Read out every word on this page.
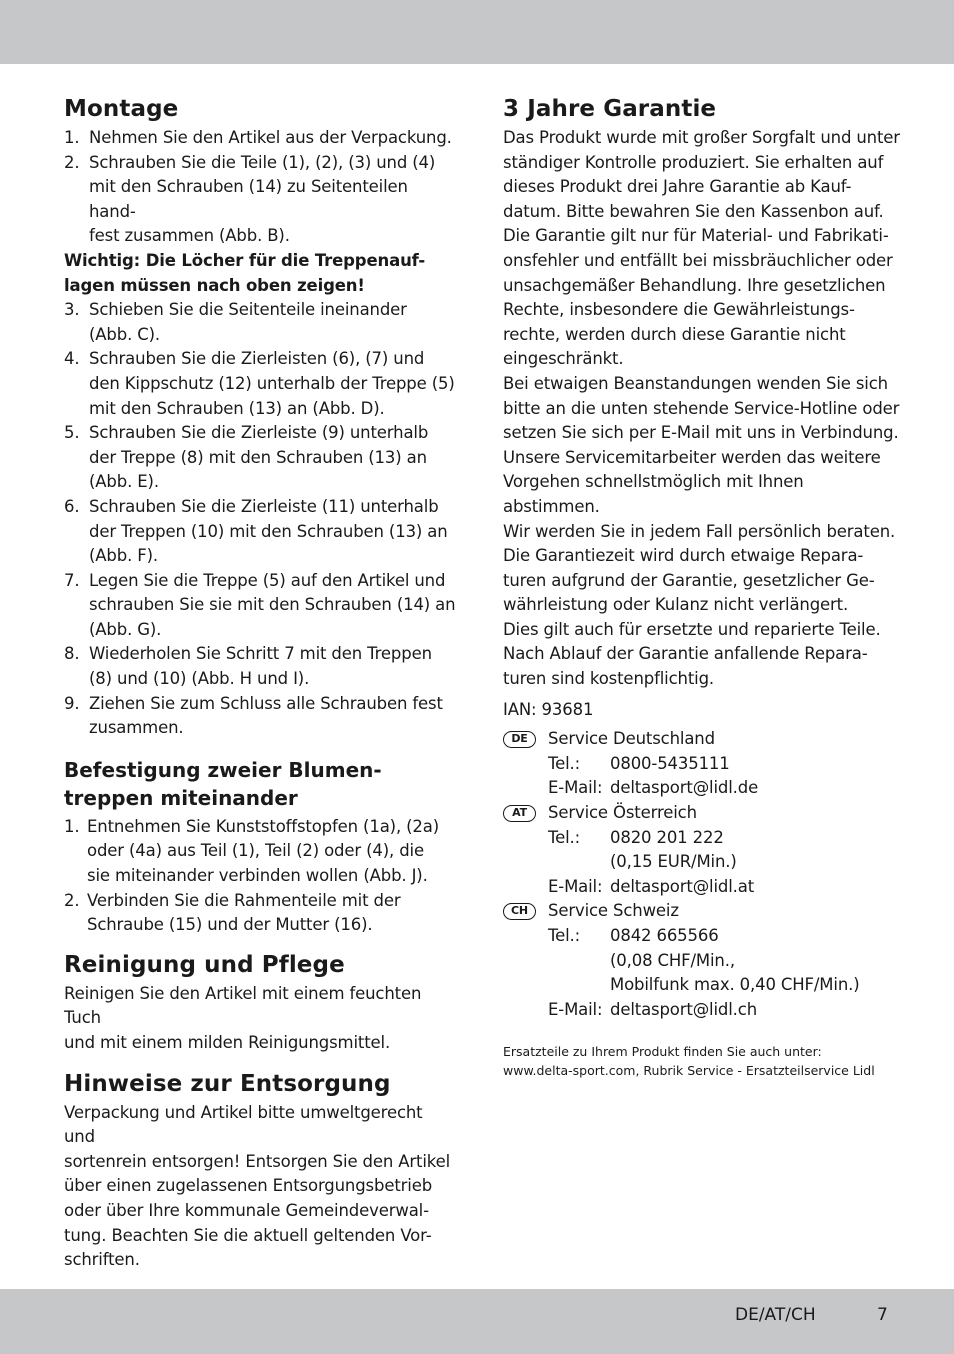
Montage
1. Nehmen Sie den Artikel aus der Verpackung.
2. Schrauben Sie die Teile (1), (2), (3) und (4)
mit den Schrauben (14) zu Seitenteilen hand-
fest zusammen (Abb. B).

Wichtig: Die Löcher für die Treppenauf-
lagen müssen nach oben zeigen!

3. Schieben Sie die Seitenteile ineinander
(Abb. C).
4. Schrauben Sie die Zierleisten (6), (7) und
den Kippschutz (12) unterhalb der Treppe (5)
mit den Schrauben (13) an (Abb. D).
5. Schrauben Sie die Zierleiste (9) unterhalb
der Treppe (8) mit den Schrauben (13) an
(Abb. E).
6. Schrauben Sie die Zierleiste (11) unterhalb
der Treppen (10) mit den Schrauben (13) an
(Abb. F).
7. Legen Sie die Treppe (5) auf den Artikel und
schrauben Sie sie mit den Schrauben (14) an
(Abb. G).
8. Wiederholen Sie Schritt 7 mit den Treppen
(8) und (10) (Abb. H und I).
9. Ziehen Sie zum Schluss alle Schrauben fest
zusammen.
Befestigung zweier Blumen-
treppen miteinander
1. Entnehmen Sie Kunststoffstopfen (1a), (2a)
oder (4a) aus Teil (1), Teil (2) oder (4), die
sie miteinander verbinden wollen (Abb. J).
2. Verbinden Sie die Rahmenteile mit der
Schraube (15) und der Mutter (16).
Reinigung und Pflege

Reinigen Sie den Artikel mit einem feuchten Tuch
und mit einem milden Reinigungsmittel.

Hinweise zur Entsorgung

Verpackung und Artikel bitte umweltgerecht und
sortenrein entsorgen! Entsorgen Sie den Artikel
über einen zugelassenen Entsorgungsbetrieb
oder über Ihre kommunale Gemeindeverwal-
tung. Beachten Sie die aktuell geltenden Vor-
schriften.

3 Jahre Garantie

Das Produkt wurde mit großer Sorgfalt und unter
ständiger Kontrolle produziert. Sie erhalten auf
dieses Produkt drei Jahre Garantie ab Kauf-
datum. Bitte bewahren Sie den Kassenbon auf.
Die Garantie gilt nur für Material- und Fabrikati-
onsfehler und entfällt bei missbräuchlicher oder
unsachgemäßer Behandlung. Ihre gesetzlichen
Rechte, insbesondere die Gewährleistungs-
rechte, werden durch diese Garantie nicht
eingeschränkt.
Bei etwaigen Beanstandungen wenden Sie sich
bitte an die unten stehende Service-Hotline oder
setzen Sie sich per E-Mail mit uns in Verbindung.
Unsere Servicemitarbeiter werden das weitere
Vorgehen schnellstmöglich mit Ihnen abstimmen.
Wir werden Sie in jedem Fall persönlich beraten.
Die Garantiezeit wird durch etwaige Repara-
turen aufgrund der Garantie, gesetzlicher Ge-
währleistung oder Kulanz nicht verlängert.
Dies gilt auch für ersetzte und reparierte Teile.
Nach Ablauf der Garantie anfallende Repara-
turen sind kostenpflichtig.

IAN: 93681

DE	Service Deutschland
Tel.:	0800-5435111
E-Mail: deltasport@lidl.de
AT	Service Österreich
Tel.:	0820 201 222
(0,15 EUR/Min.)
E-Mail: deltasport@lidl.at
CH	Service Schweiz
Tel.:	0842 665566
(0,08 CHF/Min.,
Mobilfunk max. 0,40 CHF/Min.)
E-Mail: deltasport@lidl.ch
Ersatzteile zu Ihrem Produkt finden Sie auch unter:
www.delta-sport.com, Rubrik Service - Ersatzteilservice Lidl
DE/AT/CH	7
